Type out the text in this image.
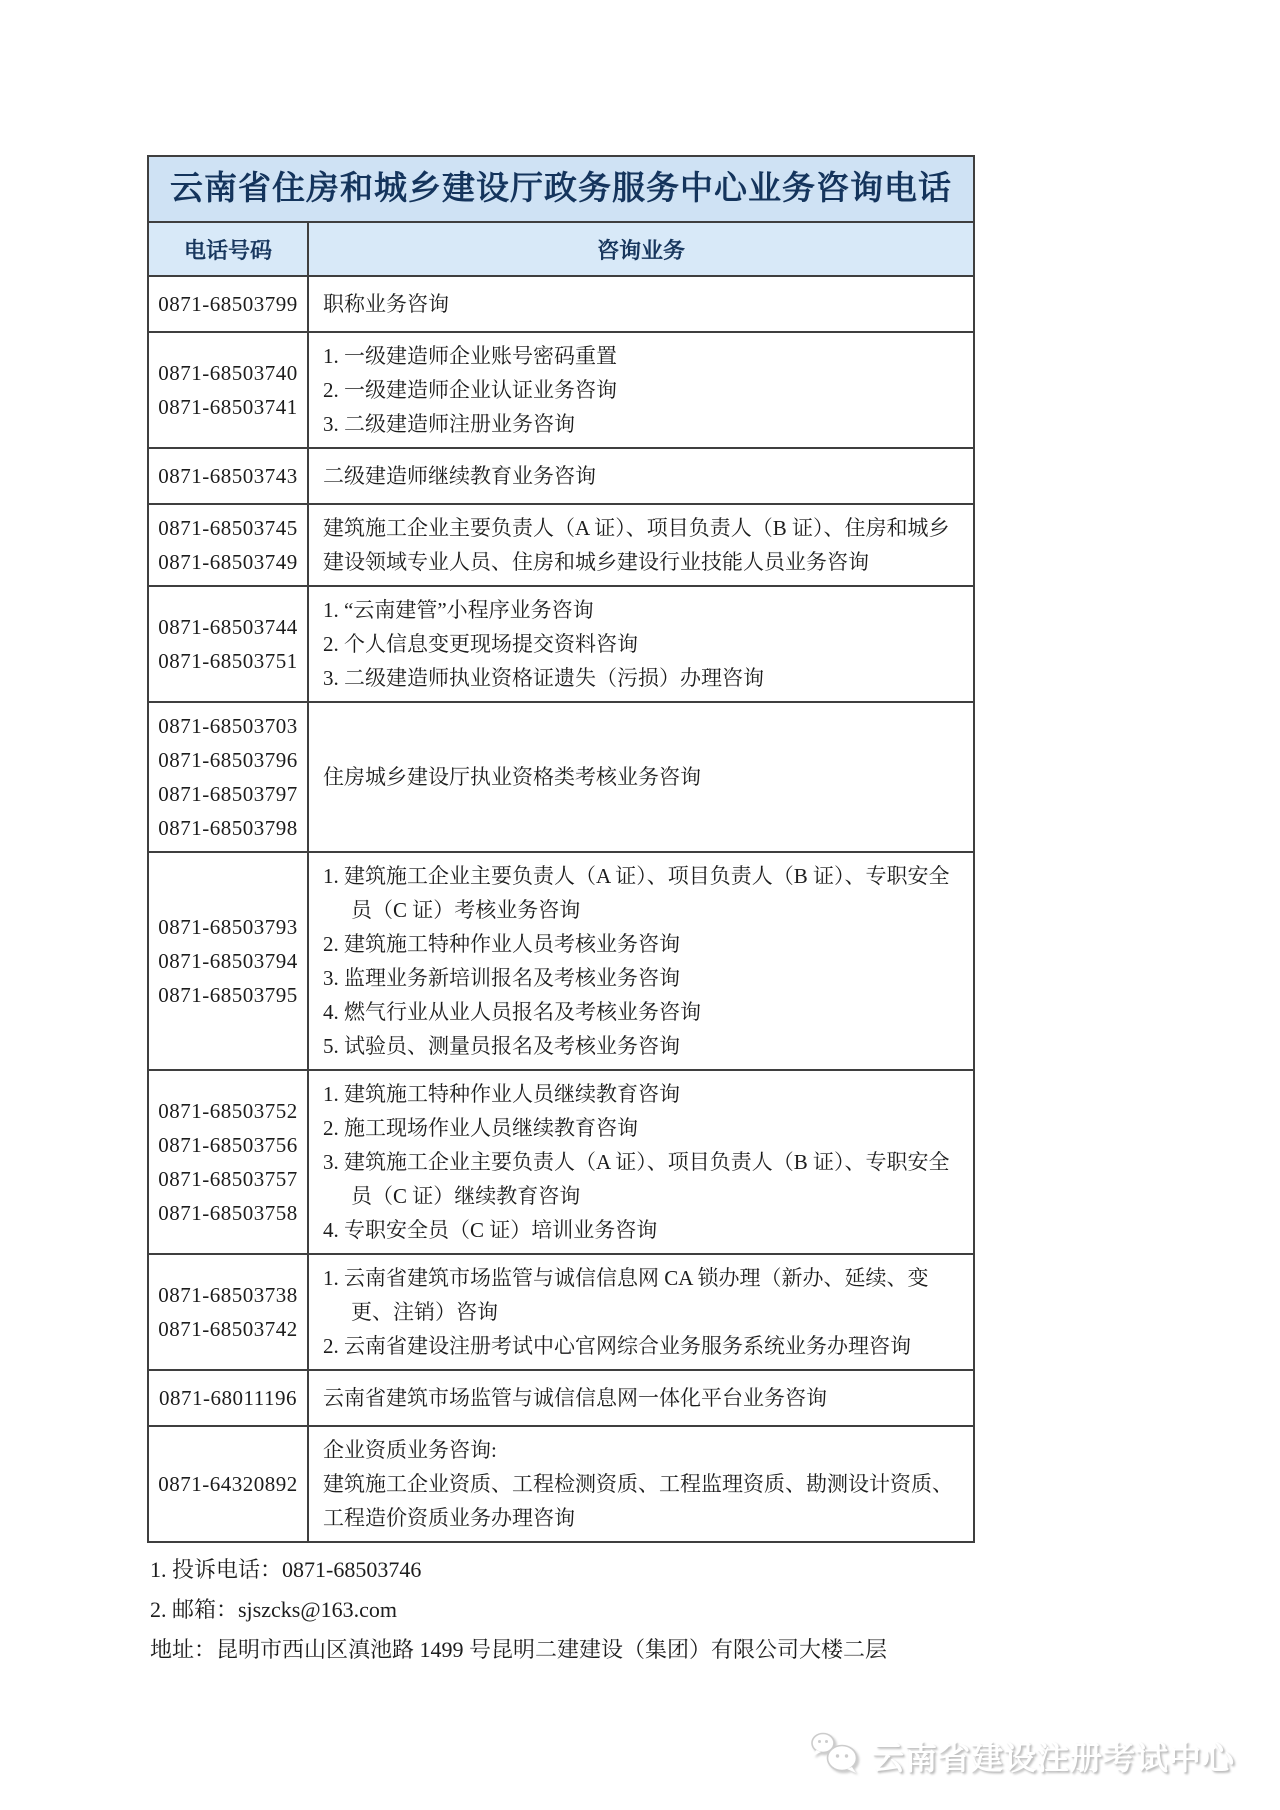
云南省住房和城乡建设厅政务服务中心业务咨询电话
电话号码	咨询业务
0871-68503799 职称业务咨询
0871-68503740
0871-68503741
1. 一级建造师企业账号密码重置
2. 一级建造师企业认证业务咨询
3. 二级建造师注册业务咨询
0871-68503743 二级建造师继续教育业务咨询
0871-68503745
0871-68503749
建筑施工企业主要负责人（A 证）、项目负责人（B 证）、住房和城乡建设领域专业人员、住房和城乡建设行业技能人员业务咨询
0871-68503744
0871-68503751
1. “云南建管”小程序业务咨询
2. 个人信息变更现场提交资料咨询
3. 二级建造师执业资格证遗失（污损）办理咨询
0871-68503703
0871-68503796
0871-68503797
0871-68503798
住房城乡建设厅执业资格类考核业务咨询
0871-68503793
0871-68503794
0871-68503795
1. 建筑施工企业主要负责人（A 证）、项目负责人（B 证）、专职安全员（C 证）考核业务咨询
2. 建筑施工特种作业人员考核业务咨询
3. 监理业务新培训报名及考核业务咨询
4. 燃气行业从业人员报名及考核业务咨询
5. 试验员、测量员报名及考核业务咨询
0871-68503752
0871-68503756
0871-68503757
0871-68503758
1. 建筑施工特种作业人员继续教育咨询
2. 施工现场作业人员继续教育咨询
3. 建筑施工企业主要负责人（A 证）、项目负责人（B 证）、专职安全员（C 证）继续教育咨询
4. 专职安全员（C 证）培训业务咨询
0871-68503738
0871-68503742
1. 云南省建筑市场监管与诚信信息网 CA 锁办理（新办、延续、变更、注销）咨询
2. 云南省建设注册考试中心官网综合业务服务系统业务办理咨询
0871-68011196 云南省建筑市场监管与诚信信息网一体化平台业务咨询
0871-64320892
企业资质业务咨询:
建筑施工企业资质、工程检测资质、工程监理资质、勘测设计资质、工程造价资质业务办理咨询
1. 投诉电话：0871-68503746
2. 邮箱：sjszcks@163.com
地址：昆明市西山区滇池路 1499 号昆明二建建设（集团）有限公司大楼二层
云南省建设注册考试中心
